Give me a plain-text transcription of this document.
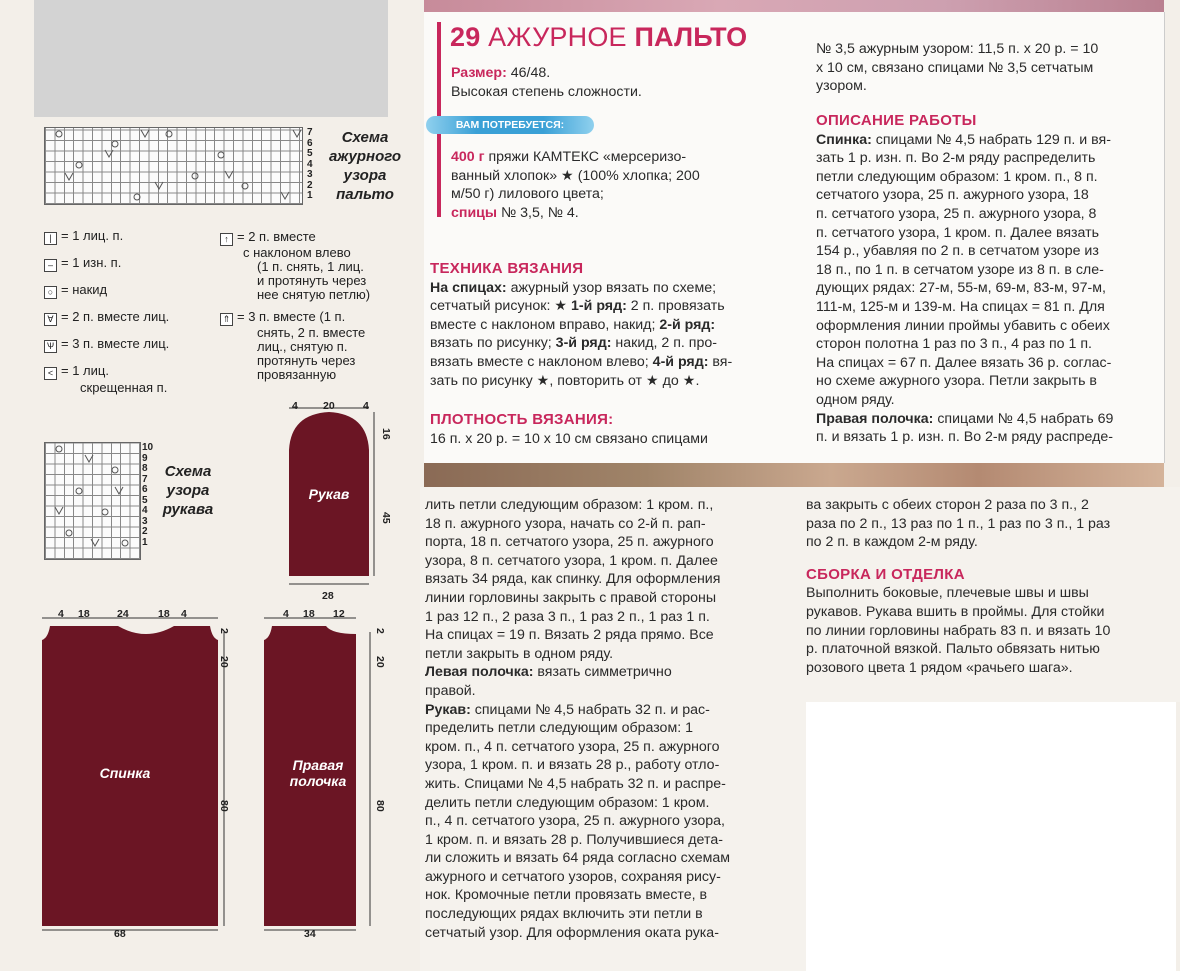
29 АЖУРНОЕ ПАЛЬТО

Размер: 46/48.

Высокая степень сложности.

ВАМ ПОТРЕБУЕТСЯ:

400 г пряжи КАМТЕКС «мерсеризо-

ванный хлопок» ★ (100% хлопка; 200

м/50 г) лилового цвета;

спицы № 3,5, № 4.

ТЕХНИКА ВЯЗАНИЯ

На спицах: ажурный узор вязать по схеме;

сетчатый рисунок: ★ 1-й ряд: 2 п. провязать

вместе с наклоном вправо, накид; 2-й ряд:

вязать по рисунку; 3-й ряд: накид, 2 п. про-

вязать вместе с наклоном влево; 4-й ряд: вя-

зать по рисунку ★, повторить от ★ до ★.

ПЛОТНОСТЬ ВЯЗАНИЯ:

16 п. х 20 р. = 10 х 10 см связано спицами

№ 3,5 ажурным узором: 11,5 п. х 20 р. = 10

х 10 см, связано спицами № 3,5 сетчатым

узором.

ОПИСАНИЕ РАБОТЫ

Спинка: спицами № 4,5 набрать 129 п. и вя-

зать 1 р. изн. п. Во 2-м ряду распределить

петли следующим образом: 1 кром. п., 8 п.

сетчатого узора, 25 п. ажурного узора, 18

п. сетчатого узора, 25 п. ажурного узора, 8

п. сетчатого узора, 1 кром. п. Далее вязать

154 р., убавляя по 2 п. в сетчатом узоре из

18 п., по 1 п. в сетчатом узоре из 8 п. в сле-

дующих рядах: 27-м, 55-м, 69-м, 83-м, 97-м,

111-м, 125-м и 139-м. На спицах = 81 п. Для

оформления линии проймы убавить с обеих

сторон полотна 1 раз по 3 п., 4 раз по 1 п.

На спицах = 67 п. Далее вязать 36 р. соглас-

но схеме ажурного узора. Петли закрыть в

одном ряду.

Правая полочка: спицами № 4,5 набрать 69

п. и вязать 1 р. изн. п. Во 2-м ряду распреде-

лить петли следующим образом: 1 кром. п.,

18 п. ажурного узора, начать со 2-й п. рап-

порта, 18 п. сетчатого узора, 25 п. ажурного

узора, 8 п. сетчатого узора, 1 кром. п. Далее

вязать 34 ряда, как спинку. Для оформления

линии горловины закрыть с правой стороны

1 раз 12 п., 2 раза 3 п., 1 раз 2 п., 1 раз 1 п.

На спицах = 19 п. Вязать 2 ряда прямо. Все

петли закрыть в одном ряду.

Левая полочка: вязать симметрично

правой.

Рукав: спицами № 4,5 набрать 32 п. и рас-

пределить петли следующим образом: 1

кром. п., 4 п. сетчатого узора, 25 п. ажурного

узора, 1 кром. п. и вязать 28 р., работу отло-

жить. Спицами № 4,5 набрать 32 п. и распре-

делить петли следующим образом: 1 кром.

п., 4 п. сетчатого узора, 25 п. ажурного узора,

1 кром. п. и вязать 28 р. Получившиеся дета-

ли сложить и вязать 64 ряда согласно схемам

ажурного и сетчатого узоров, сохраняя рису-

нок. Кромочные петли провязать вместе, в

последующих рядах включить эти петли в

сетчатый узор. Для оформления оката рука-

ва закрыть с обеих сторон 2 раза по 3 п., 2

раза по 2 п., 13 раз по 1 п., 1 раз по 3 п., 1 раз

по 2 п. в каждом 2-м ряду.

СБОРКА И ОТДЕЛКА

Выполнить боковые, плечевые швы и швы

рукавов. Рукава вшить в проймы. Для стойки

по линии горловины набрать 83 п. и вязать 10

р. платочной вязкой. Пальто обвязать нитью

розового цвета 1 рядом «рачьего шага».

7
6
5
4
3
2
1
Схема
ажурного
узора
пальто
| = 1 лиц. п.
– = 1 изн. п.
○ = накид
∀ = 2 п. вместе лиц.
Ѱ = 3 п. вместе лиц.
< = 1 лиц.
скрещенная п.
↑ = 2 п. вместе
с наклоном влево
(1 п. снять, 1 лиц.
и протянуть через
нее снятую петлю)
⇑ = 3 п. вместе (1 п.
снять, 2 п. вместе
лиц., снятую п.
протянуть через
провязанную
10
9
8
7
6
5
4
3
2
1
Схема
узора
рукава
Рукав
4 20	4
16
45
28
Спинка
4 18	24	18 4
2
20
80
68
Правая
полочка
4 18 12
2
20
80
34
